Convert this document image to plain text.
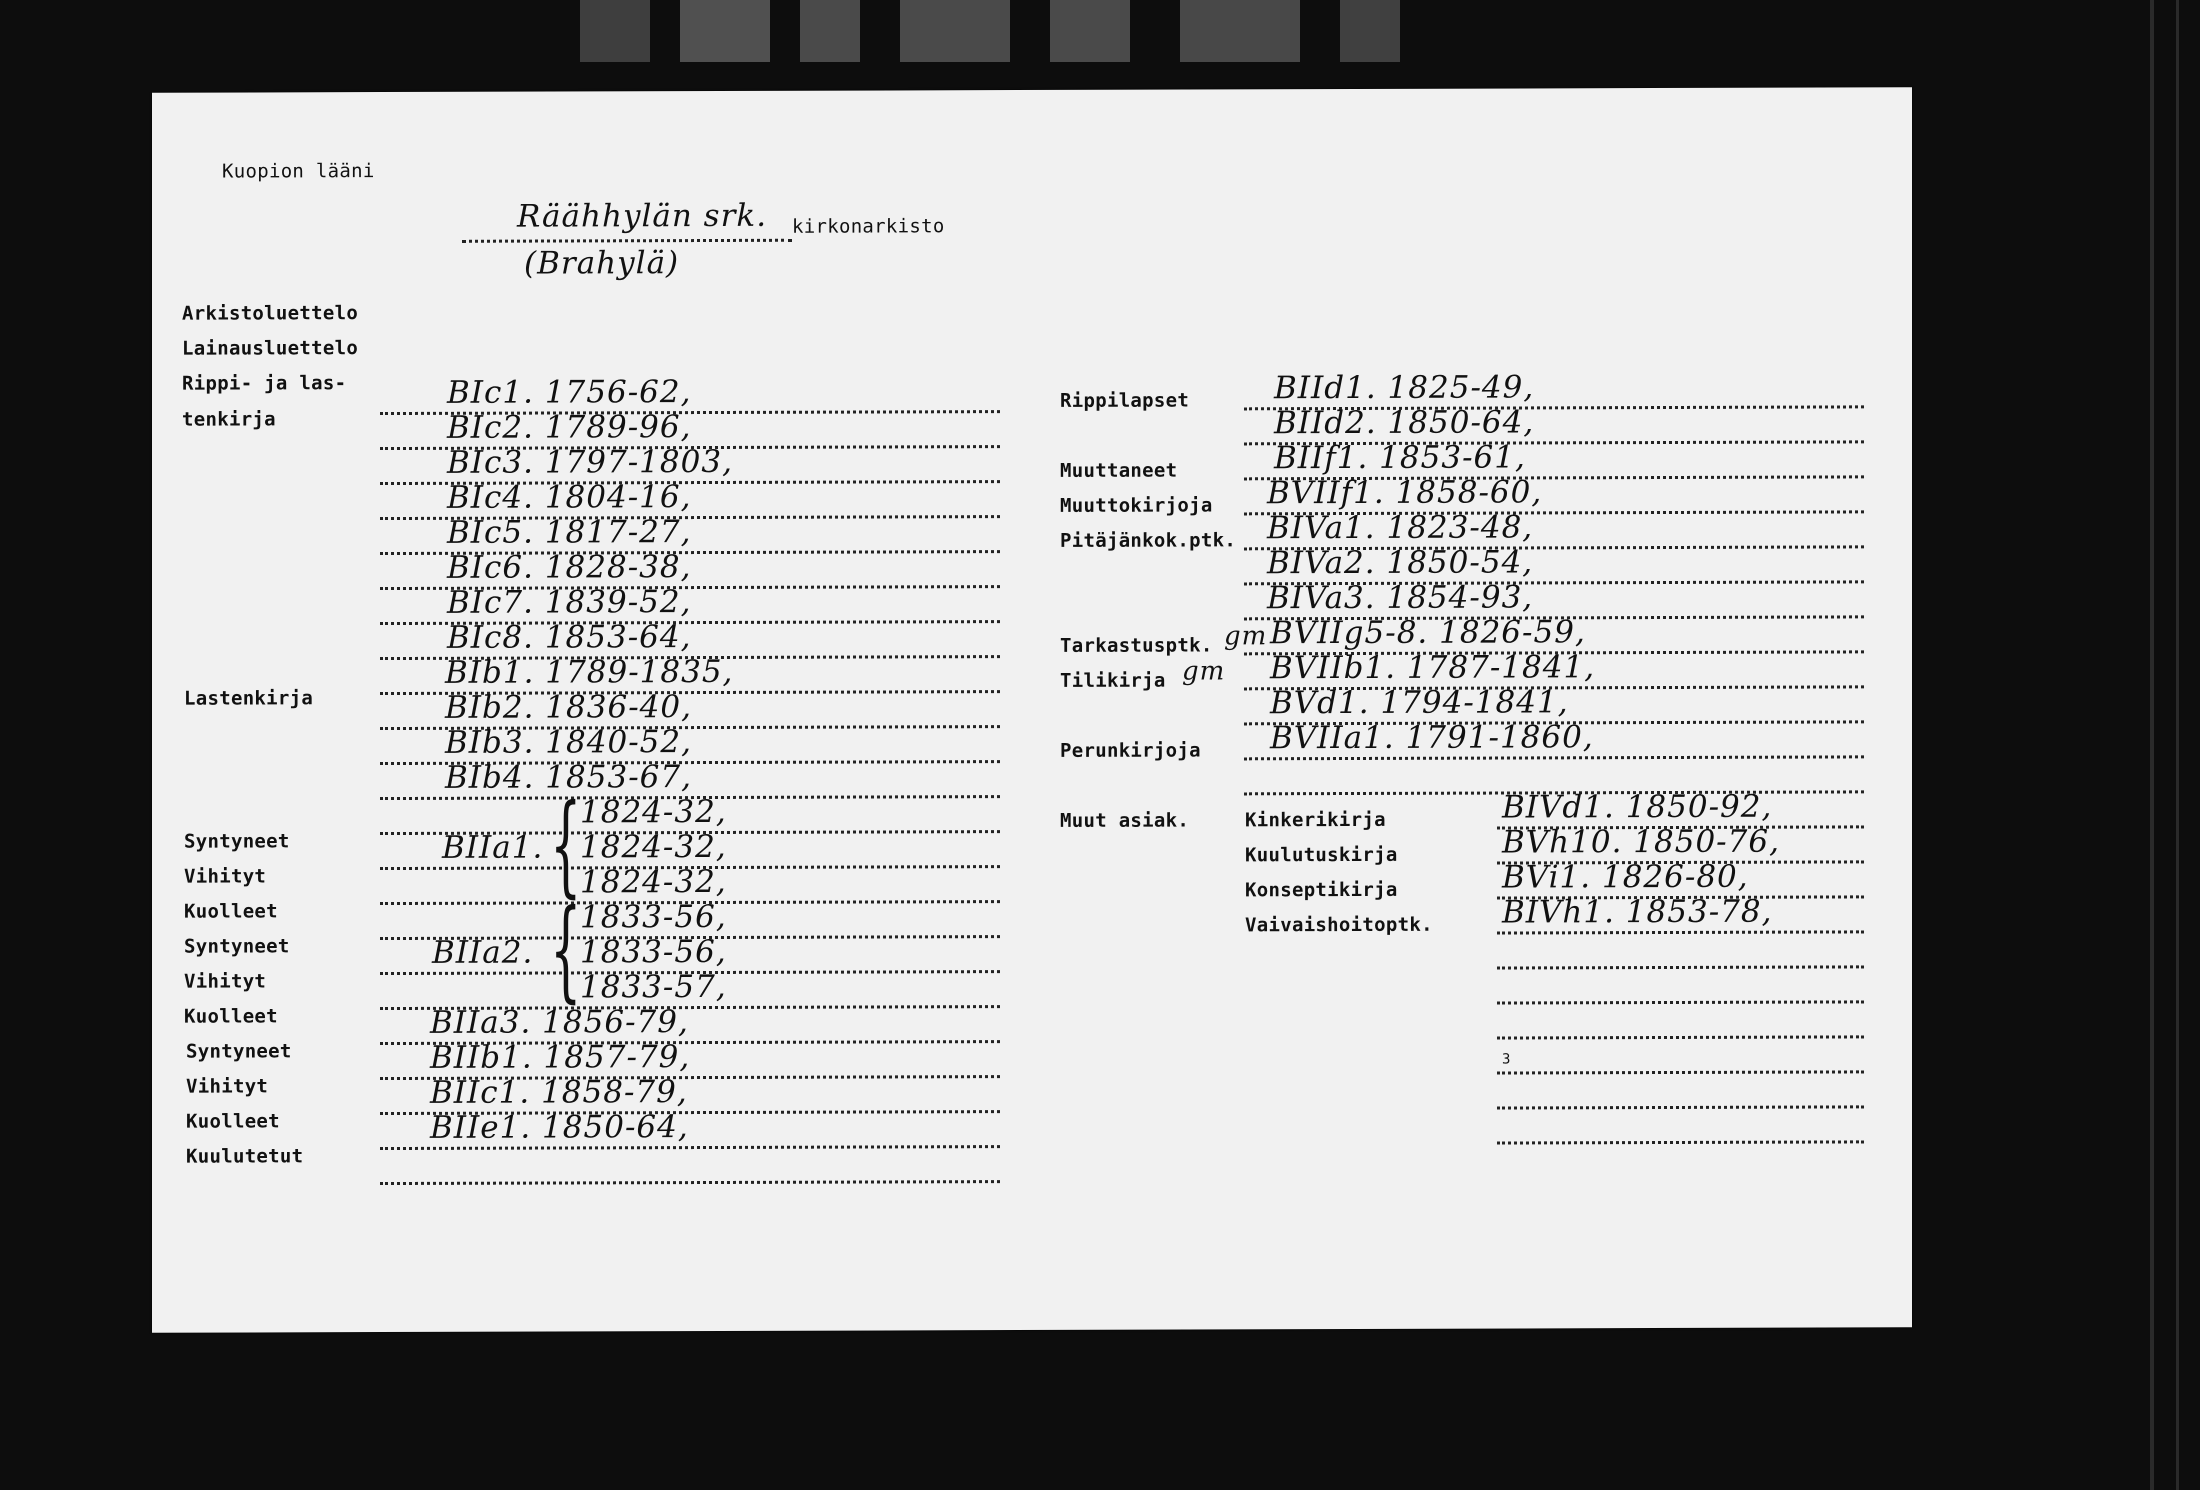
Kuopion lääni
Räähhylän srk. kirkonarkisto
(Brahylä)
Arkistoluettelo
Lainausluettelo
Rippi- ja las-
tenkirja
Lastenkirja
Syntyneet
Vihityt
Kuolleet
Syntyneet
Vihityt
Kuolleet
Syntyneet
Vihityt
Kuolleet
Kuulutetut
BIc1. 1756-62,
BIc2. 1789-96,
BIc3. 1797-1803,
BIc4. 1804-16,
BIc5. 1817-27,
BIc6. 1828-38,
BIc7. 1839-52,
BIc8. 1853-64,
BIb1. 1789-1835,
BIb2. 1836-40,
BIb3. 1840-52,
BIb4. 1853-67,
1824-32,
1824-32,
1824-32,
1833-56,
1833-56,
1833-57,
BIIa3. 1856-79,
BIIb1. 1857-79,
BIIc1. 1858-79,
BIIe1. 1850-64,
BIIa1. {
BIIa2. {
Rippilapset
Muuttaneet
Muuttokirjoja
Pitäjänkok.ptk.
Tarkastusptk. gm
Tilikirja gm
Perunkirjoja
Muut asiak.	Kinkerikirja
Kuulutuskirja
Konseptikirja
Vaivaishoitoptk.
BIId1. 1825-49,
BIId2. 1850-64,
BIIf1. 1853-61,
BVIIf1. 1858-60,
BIVa1. 1823-48,
BIVa2. 1850-54,
BIVa3. 1854-93,
BVIIg5-8. 1826-59,
BVIIb1. 1787-1841,
BVd1. 1794-1841,
BVIIa1. 1791-1860,
BIVd1. 1850-92,
BVh10. 1850-76,
BVi1. 1826-80,
BIVh1. 1853-78,
3
